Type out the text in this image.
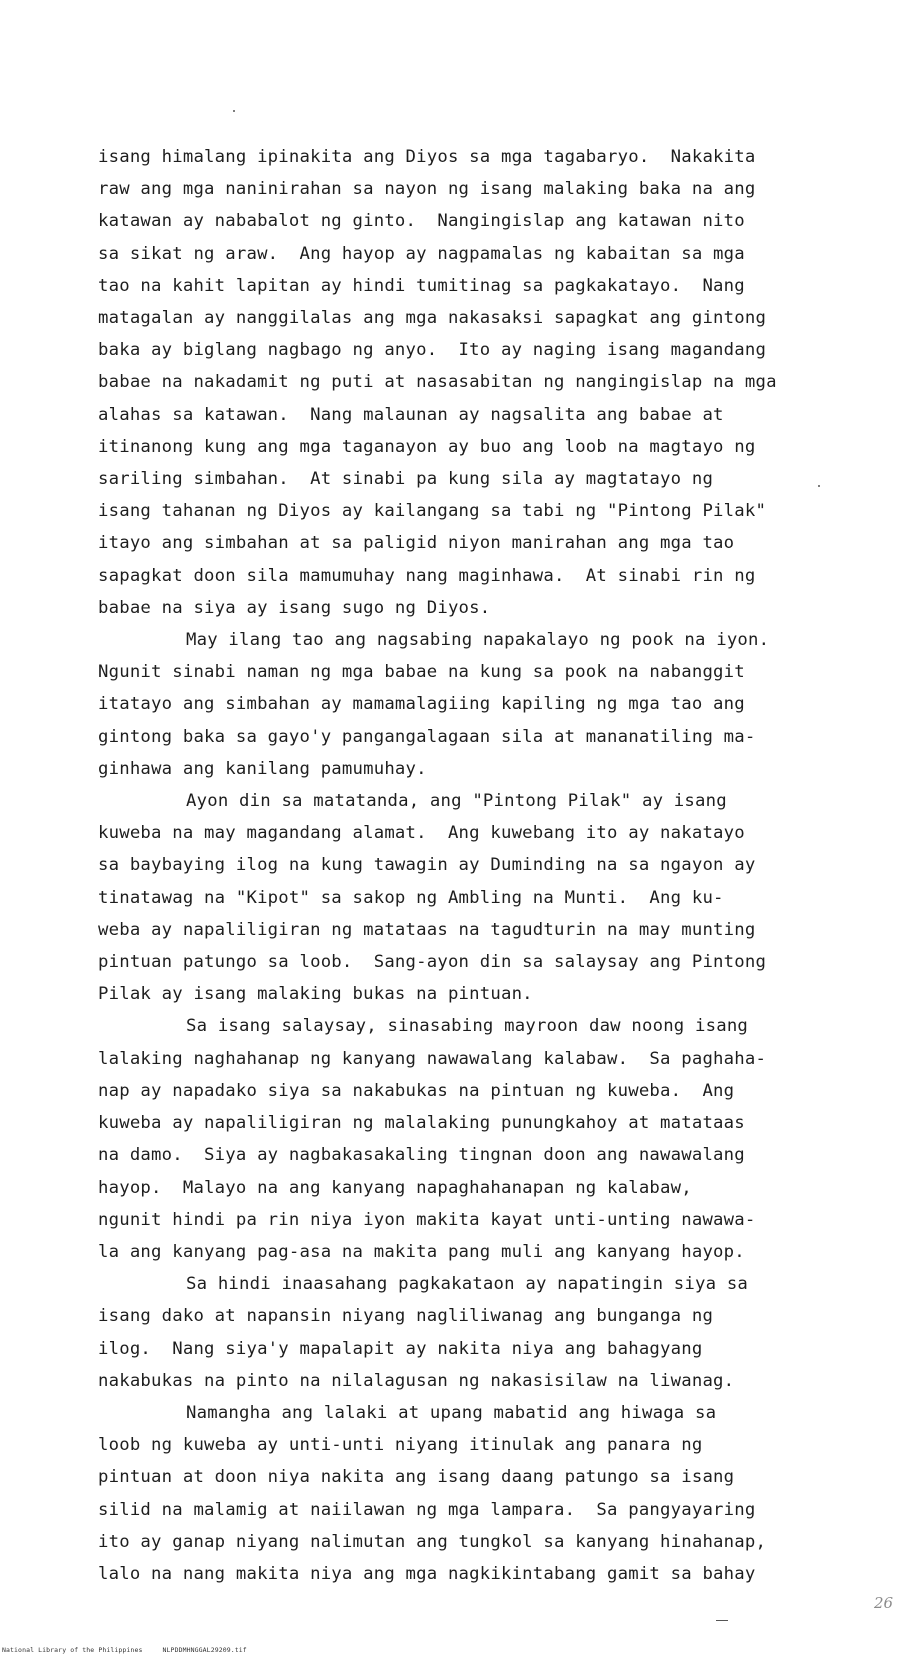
isang himalang ipinakita ang Diyos sa mga tagabaryo.  Nakakita
raw ang mga naninirahan sa nayon ng isang malaking baka na ang
katawan ay nababalot ng ginto.  Nangingislap ang katawan nito
sa sikat ng araw.  Ang hayop ay nagpamalas ng kabaitan sa mga
tao na kahit lapitan ay hindi tumitinag sa pagkakatayo.  Nang
matagalan ay nanggilalas ang mga nakasaksi sapagkat ang gintong
baka ay biglang nagbago ng anyo.  Ito ay naging isang magandang
babae na nakadamit ng puti at nasasabitan ng nangingislap na mga
alahas sa katawan.  Nang malaunan ay nagsalita ang babae at
itinanong kung ang mga taganayon ay buo ang loob na magtayo ng
sariling simbahan.  At sinabi pa kung sila ay magtatayo ng
isang tahanan ng Diyos ay kailangang sa tabi ng "Pintong Pilak"
itayo ang simbahan at sa paligid niyon manirahan ang mga tao
sapagkat doon sila mamumuhay nang maginhawa.  At sinabi rin ng
babae na siya ay isang sugo ng Diyos.
May ilang tao ang nagsabing napakalayo ng pook na iyon.
Ngunit sinabi naman ng mga babae na kung sa pook na nabanggit
itatayo ang simbahan ay mamamalagiing kapiling ng mga tao ang
gintong baka sa gayo'y pangangalagaan sila at mananatiling ma-
ginhawa ang kanilang pamumuhay.
Ayon din sa matatanda, ang "Pintong Pilak" ay isang
kuweba na may magandang alamat.  Ang kuwebang ito ay nakatayo
sa baybaying ilog na kung tawagin ay Duminding na sa ngayon ay
tinatawag na "Kipot" sa sakop ng Ambling na Munti.  Ang ku-
weba ay napaliligiran ng matataas na tagudturin na may munting
pintuan patungo sa loob.  Sang-ayon din sa salaysay ang Pintong
Pilak ay isang malaking bukas na pintuan.
Sa isang salaysay, sinasabing mayroon daw noong isang
lalaking naghahanap ng kanyang nawawalang kalabaw.  Sa paghaha-
nap ay napadako siya sa nakabukas na pintuan ng kuweba.  Ang
kuweba ay napaliligiran ng malalaking punungkahoy at matataas
na damo.  Siya ay nagbakasakaling tingnan doon ang nawawalang
hayop.  Malayo na ang kanyang napaghahanapan ng kalabaw,
ngunit hindi pa rin niya iyon makita kayat unti-unting nawawa-
la ang kanyang pag-asa na makita pang muli ang kanyang hayop.
Sa hindi inaasahang pagkakataon ay napatingin siya sa
isang dako at napansin niyang nagliliwanag ang bunganga ng
ilog.  Nang siya'y mapalapit ay nakita niya ang bahagyang
nakabukas na pinto na nilalagusan ng nakasisilaw na liwanag.
Namangha ang lalaki at upang mabatid ang hiwaga sa
loob ng kuweba ay unti-unti niyang itinulak ang panara ng
pintuan at doon niya nakita ang isang daang patungo sa isang
silid na malamig at naiilawan ng mga lampara.  Sa pangyayaring
ito ay ganap niyang nalimutan ang tungkol sa kanyang hinahanap,
lalo na nang makita niya ang mga nagkikintabang gamit sa bahay
26
National Library of the Philippines     NLPDDMHNGGAL29209.tif
